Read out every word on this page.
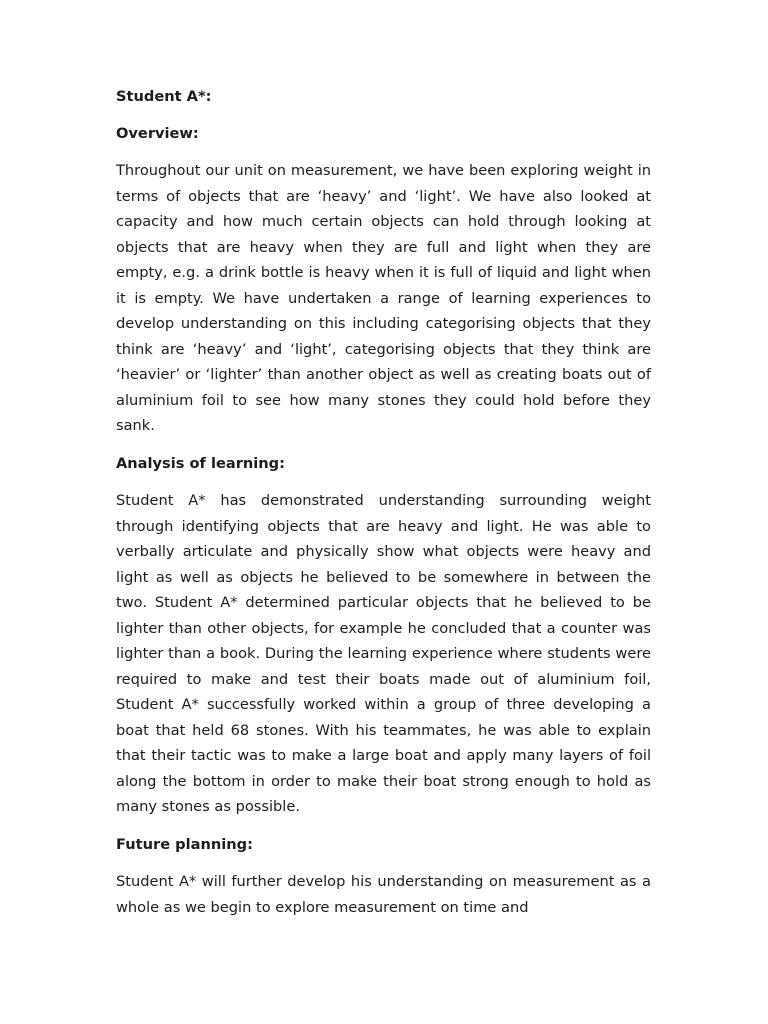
Student A*:

Overview:

Throughout our unit on measurement, we have been exploring weight in terms of objects that are ‘heavy’ and ‘light’. We have also looked at capacity and how much certain objects can hold through looking at objects that are heavy when they are full and light when they are empty, e.g. a drink bottle is heavy when it is full of liquid and light when it is empty. We have undertaken a range of learning experiences to develop understanding on this including categorising objects that they think are ‘heavy’ and ‘light’, categorising objects that they think are ‘heavier’ or ‘lighter’ than another object as well as creating boats out of aluminium foil to see how many stones they could hold before they sank.

Analysis of learning:

Student A* has demonstrated understanding surrounding weight through identifying objects that are heavy and light. He was able to verbally articulate and physically show what objects were heavy and light as well as objects he believed to be somewhere in between the two. Student A* determined particular objects that he believed to be lighter than other objects, for example he concluded that a counter was lighter than a book. During the learning experience where students were required to make and test their boats made out of aluminium foil, Student A* successfully worked within a group of three developing a boat that held 68 stones. With his teammates, he was able to explain that their tactic was to make a large boat and apply many layers of foil along the bottom in order to make their boat strong enough to hold as many stones as possible.

Future planning:

Student A* will further develop his understanding on measurement as a whole as we begin to explore measurement on time and
